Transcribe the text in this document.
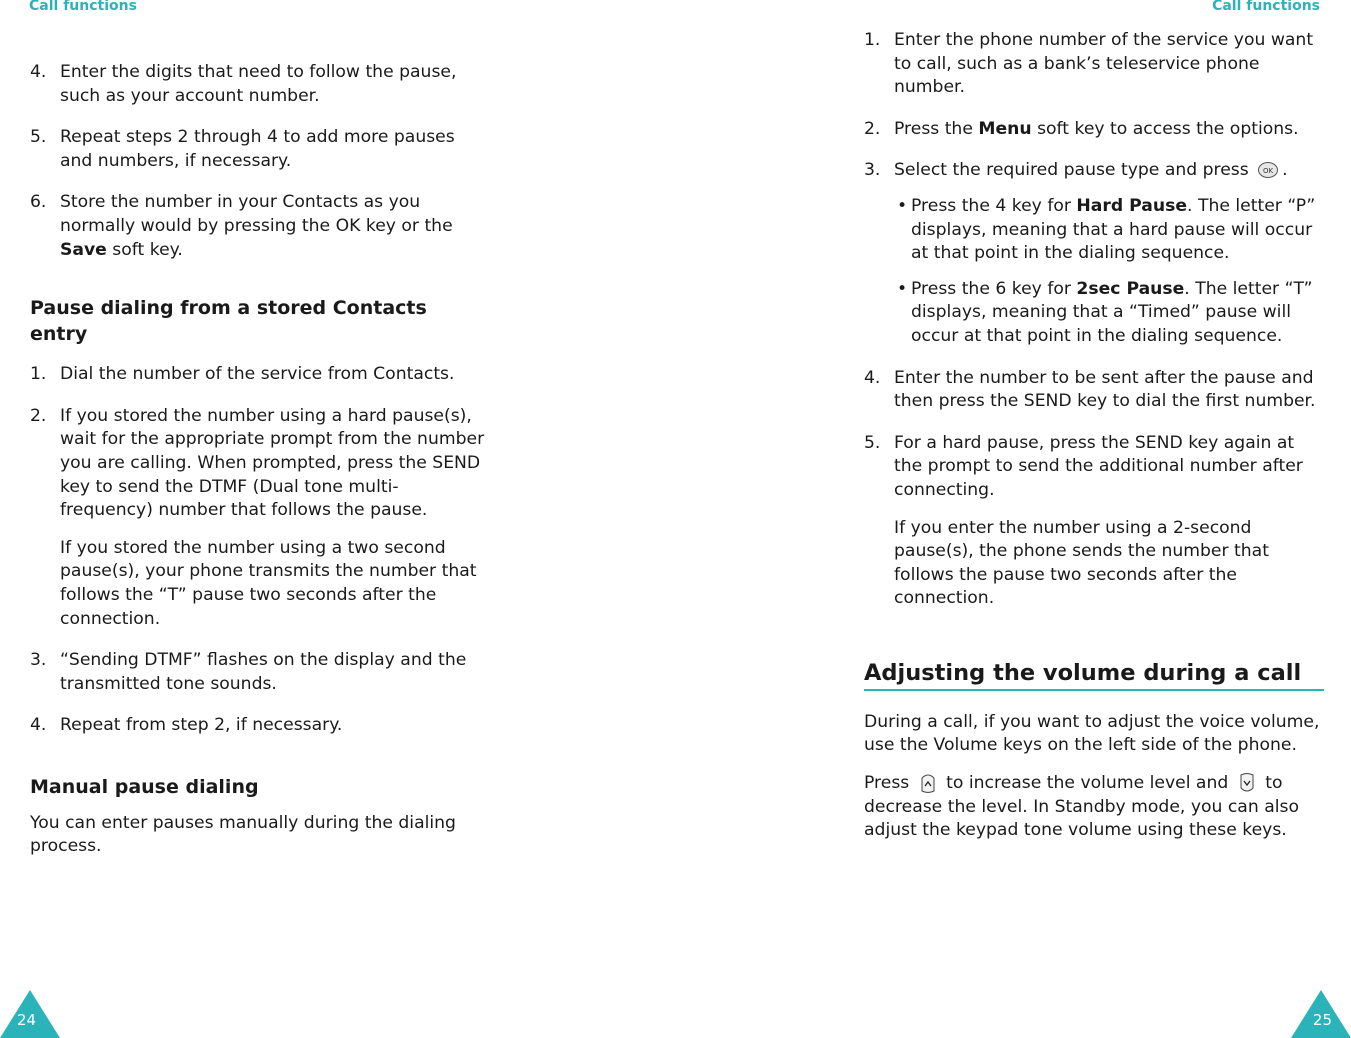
Call functions
4. Enter the digits that need to follow the pause, such as your account number.
5. Repeat steps 2 through 4 to add more pauses and numbers, if necessary.
6. Store the number in your Contacts as you normally would by pressing the OK key or the Save soft key.
Pause dialing from a stored Contacts entry
1. Dial the number of the service from Contacts.
2. If you stored the number using a hard pause(s), wait for the appropriate prompt from the number you are calling. When prompted, press the SEND key to send the DTMF (Dual tone multi-frequency) number that follows the pause.
If you stored the number using a two second pause(s), your phone transmits the number that follows the “T” pause two seconds after the connection.
3. “Sending DTMF” flashes on the display and the transmitted tone sounds.
4. Repeat from step 2, if necessary.
Manual pause dialing

You can enter pauses manually during the dialing process.

24
Call functions
1. Enter the phone number of the service you want to call, such as a bank’s teleservice phone number.
2. Press the Menu soft key to access the options.
3. Select the required pause type and press OK .
• Press the 4 key for Hard Pause. The letter “P” displays, meaning that a hard pause will occur at that point in the dialing sequence.
• Press the 6 key for 2sec Pause. The letter “T” displays, meaning that a “Timed” pause will occur at that point in the dialing sequence.
4. Enter the number to be sent after the pause and then press the SEND key to dial the first number.
5. For a hard pause, press the SEND key again at the prompt to send the additional number after connecting.
If you enter the number using a 2-second pause(s), the phone sends the number that follows the pause two seconds after the connection.
Adjusting the volume during a call

During a call, if you want to adjust the voice volume, use the Volume keys on the left side of the phone.

Press to increase the volume level and to decrease the level. In Standby mode, you can also adjust the keypad tone volume using these keys.

25
